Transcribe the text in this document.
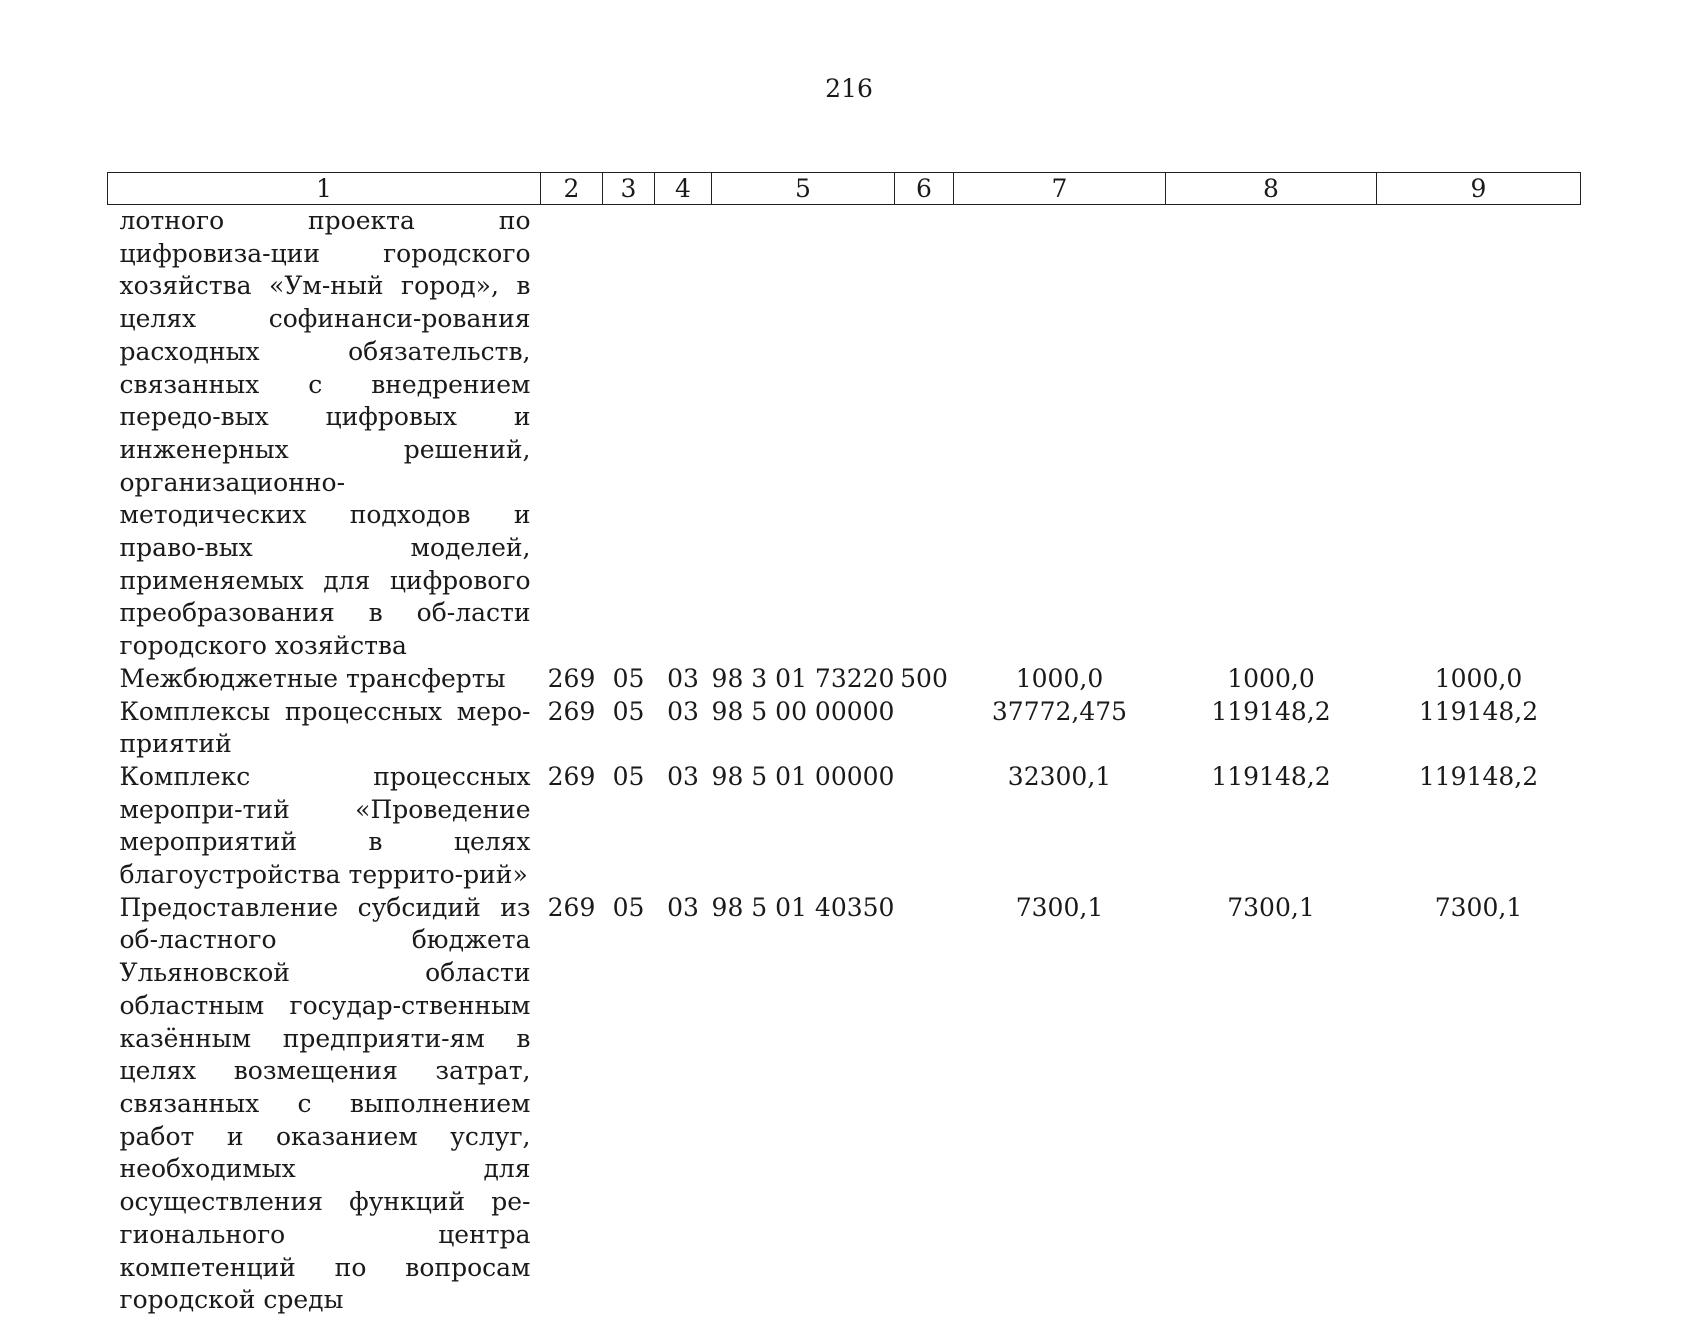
216
1	2	3	4	5	6	7	8	9
лотного проекта по цифровиза-ции городского хозяйства «Ум-ный город», в целях софинанси-рования расходных обязательств, связанных с внедрением передо-вых цифровых и инженерных решений, организационно-методических подходов и право-вых моделей, применяемых для цифрового преобразования в об-ласти городского хозяйства								
Межбюджетные трансферты	269	05	03	98 3 01 73220	500	1000,0	1000,0	1000,0
Комплексы процессных меро-приятий	269	05	03	98 5 00 00000		37772,475	119148,2	119148,2
Комплекс процессных меропри-тий «Проведение мероприятий в целях благоустройства террито-рий»	269	05	03	98 5 01 00000		32300,1	119148,2	119148,2
Предоставление субсидий из об-ластного бюджета Ульяновской области областным государ-ственным казённым предприяти-ям в целях возмещения затрат, связанных с выполнением работ и оказанием услуг, необходимых для осуществления функций ре-гионального центра компетенций по вопросам городской среды	269	05	03	98 5 01 40350		7300,1	7300,1	7300,1
